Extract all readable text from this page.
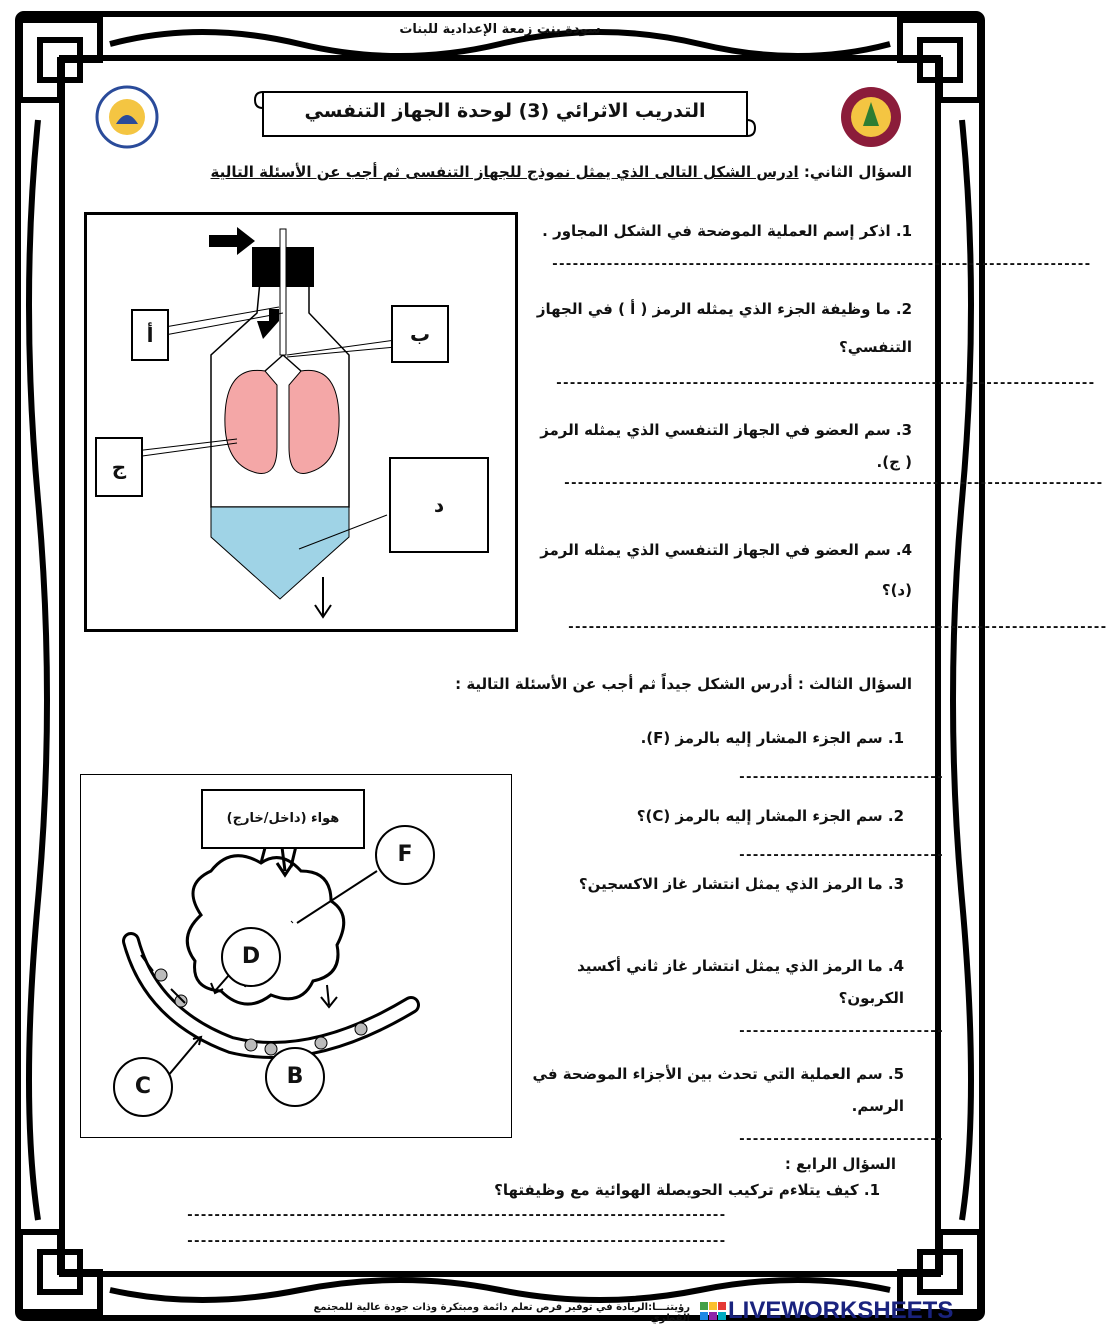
سودة بنت زمعة الإعدادية للبنات
التدريب الاثرائي (3) لوحدة الجهاز التنفسي
السؤال الثاني: ادرس الشكل التالى الذي يمثل نموذج للجهاز التنفسى ثم أجب عن الأسئلة التالية
أ	ب
ج
د
1. اذكر إسم العملية الموضحة في الشكل المجاور .
-------------------------------------------------------------------------------
2. ما وظيفة الجزء الذي يمثله الرمز ( أ ) في الجهاز التنفسي؟
-------------------------------------------------------------------------------
3. سم العضو في الجهاز التنفسي الذي يمثله الرمز ( ج).
-------------------------------------------------------------------------------
4. سم العضو في الجهاز التنفسي الذي يمثله الرمز (د)؟
-------------------------------------------------------------------------------
السؤال الثالث : أدرس الشكل جيداً ثم أجب عن الأسئلة التالية :
هواء (داخل/خارج)
F
D
C	B
1. سم الجزء المشار إليه بالرمز (F).
------------------------------
2. سم الجزء المشار إليه بالرمز (C)؟
------------------------------
3. ما الرمز الذي يمثل انتشار غاز الاكسجين؟
4. ما الرمز الذي يمثل انتشار غاز ثاني أكسيد الكربون؟
------------------------------
5. سم العملية التي تحدث بين الأجزاء الموضحة في الرسم.
------------------------------
السؤال الرابع :
1. كيف يتلاءم تركيب الحويصلة الهوائية مع وظيفتها؟
-------------------------------------------------------------------------------
-------------------------------------------------------------------------------
رؤيتنـــا:الريادة في توفير فرص تعلم دائمة ومبتكرة وذات جودة عالية للمجتمع القطري LIVEWORKSHEETS
